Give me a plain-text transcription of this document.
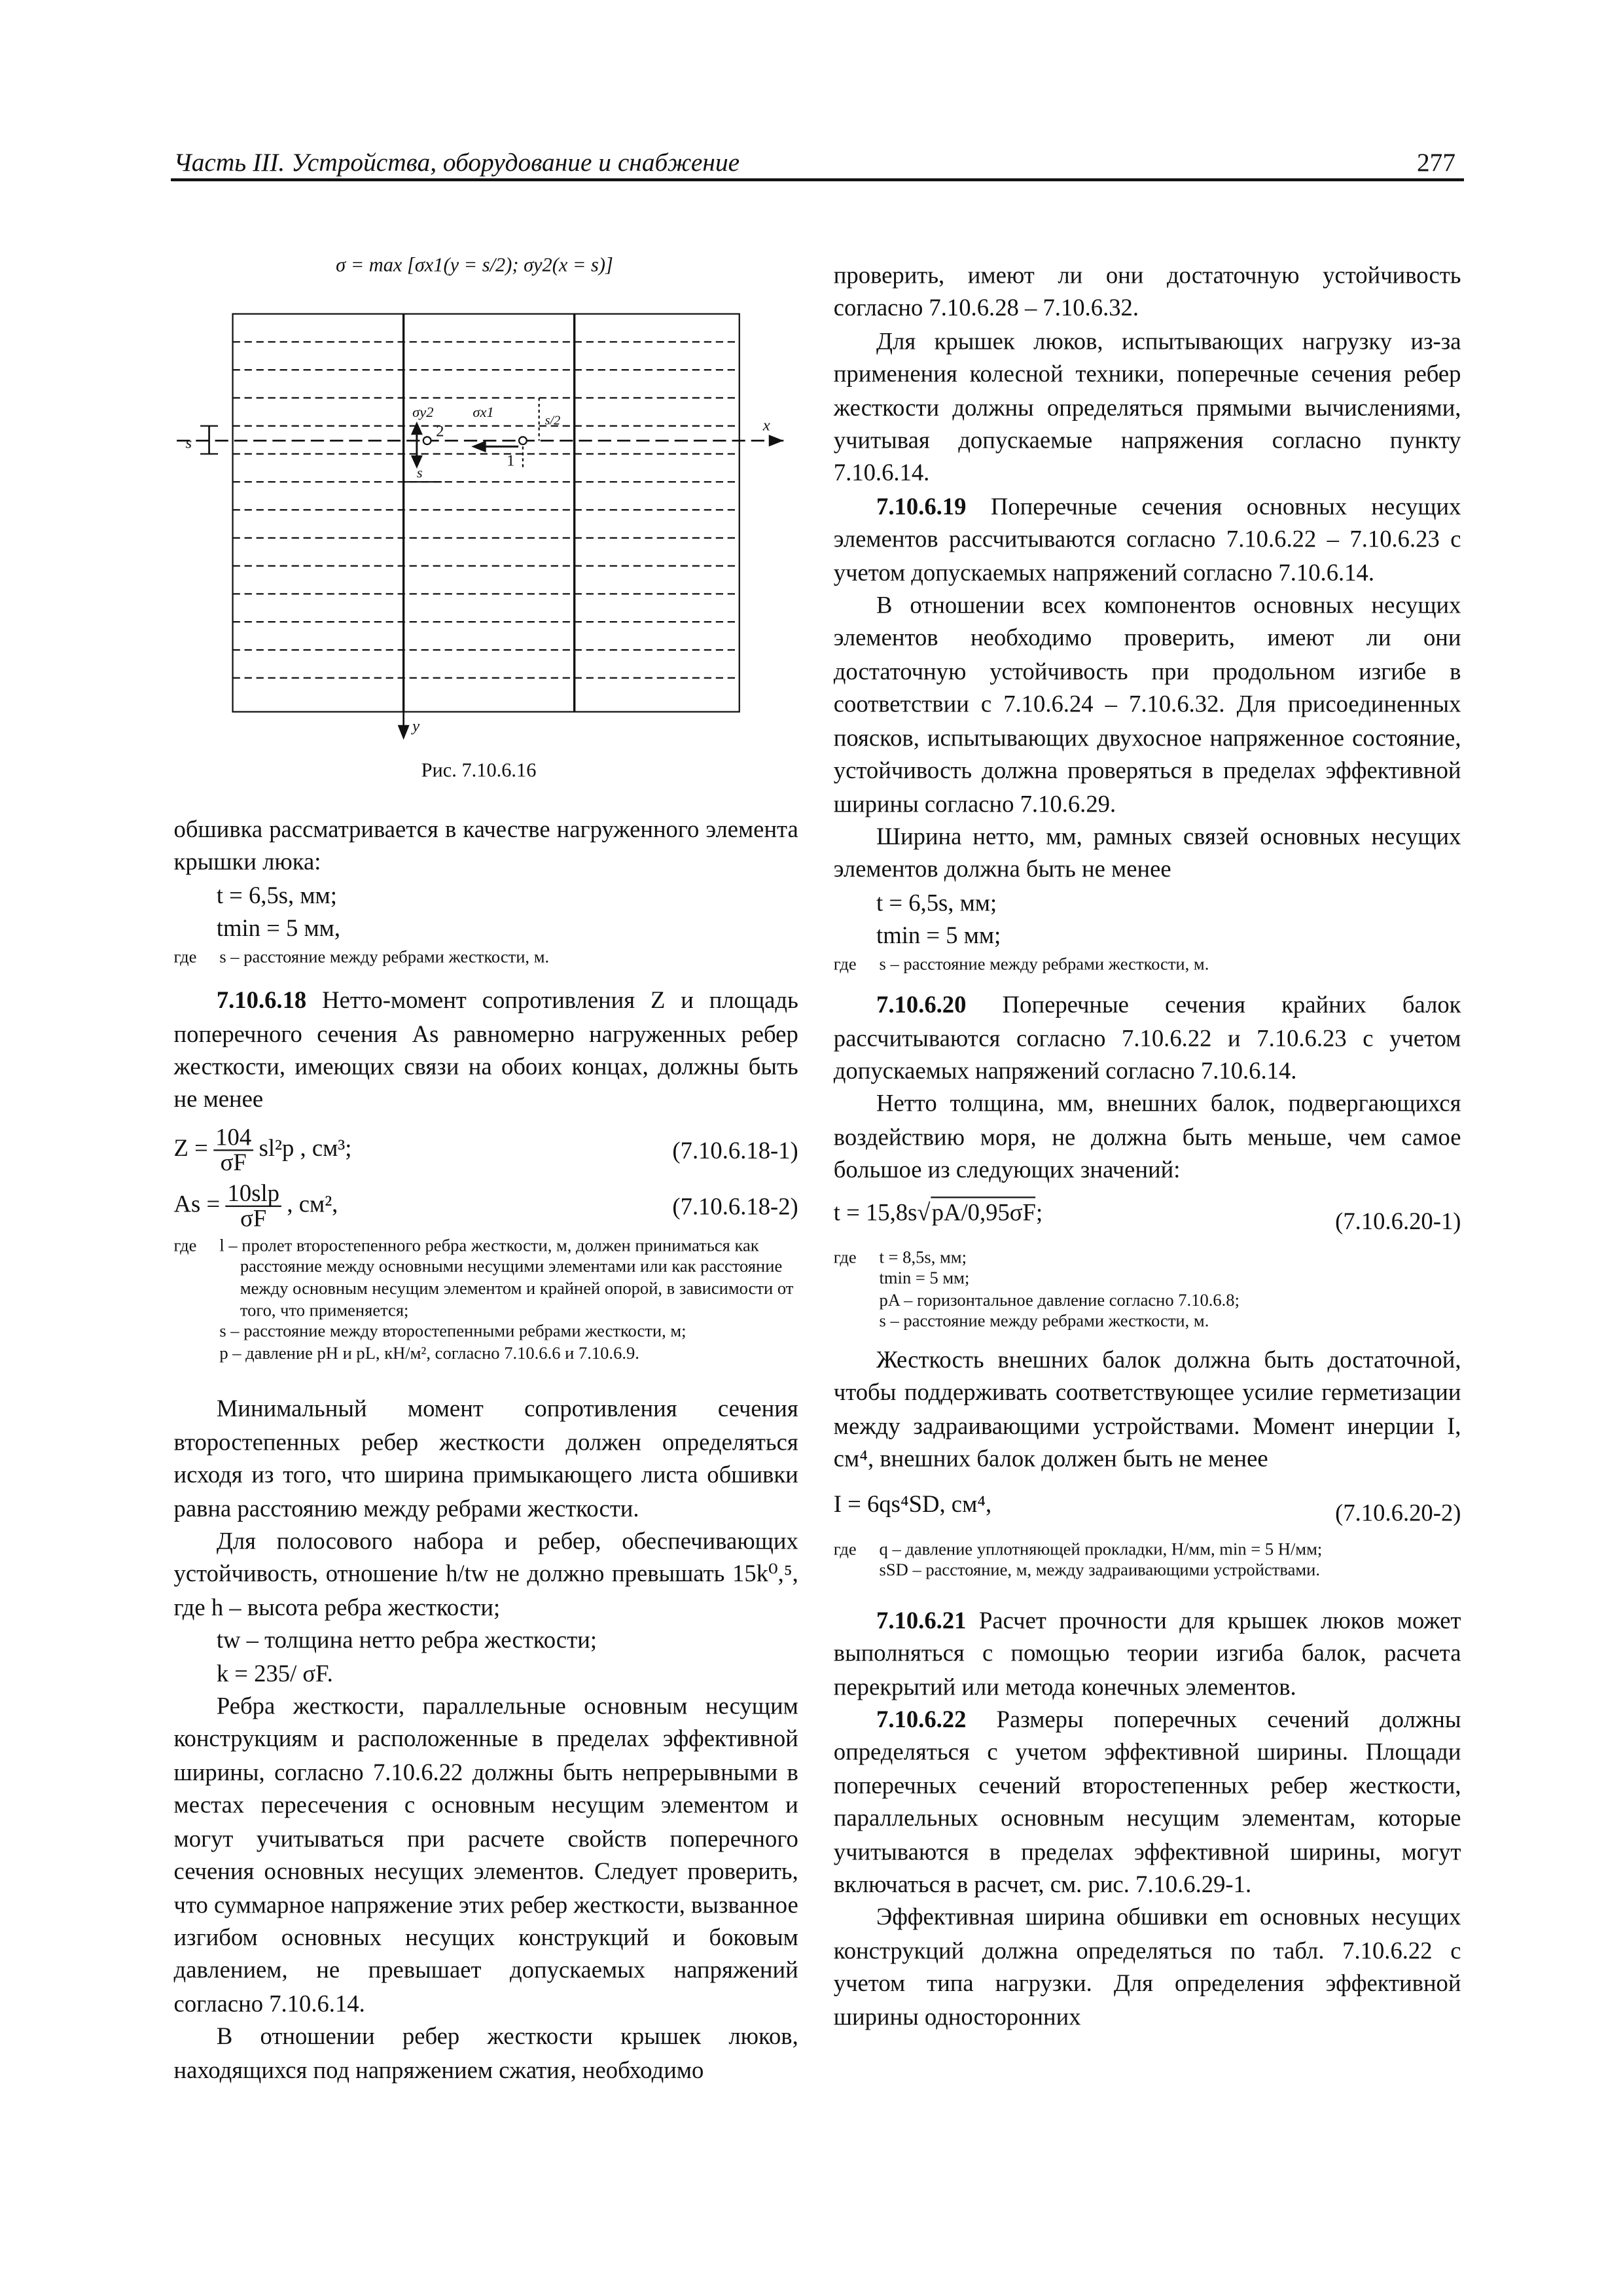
Часть III. Устройства, оборудование и снабжение	277
σ = max [σx1(y = s/2); σy2(x = s)]
s
x
y
σy2	σx1
s/2
2
1
s
Рис. 7.10.6.16

обшивка рассматривается в качестве нагруженного элемента крышки люка:

t = 6,5s, мм;

tmin = 5 мм,

где	s – расстояние между ребрами жесткости, м.

7.10.6.18 Нетто-момент сопротивления Z и площадь поперечного сечения As равномерно нагруженных ребер жесткости, имеющих связи на обоих концах, должны быть не менее

$Z = \frac{104}{\sigma F} sl^2p$ , см³;	(7.10.6.18-1)
$As = \frac{\text{10slp}}{\sigma F}$ , см²,	(7.10.6.18-2)
где	l – пролет второстепенного ребра жесткости, м, должен приниматься как расстояние между основными несущими элементами или как расстояние между основным несущим элементом и крайней опорой, в зависимости от того, что применяется;
s – расстояние между второстепенными ребрами жесткости, м;
p – давление pH и pL, кН/м², согласно 7.10.6.6 и 7.10.6.9.

Минимальный момент сопротивления сечения второстепенных ребер жесткости должен определяться исходя из того, что ширина примыкающего листа обшивки равна расстоянию между ребрами жесткости.

Для полосового набора и ребер, обеспечивающих устойчивость, отношение h/tw не должно превышать 15k⁰,⁵, где h – высота ребра жесткости;

tw – толщина нетто ребра жесткости;

k = 235/ σF.

Ребра жесткости, параллельные основным несущим конструкциям и расположенные в пределах эффективной ширины, согласно 7.10.6.22 должны быть непрерывными в местах пересечения с основным несущим элементом и могут учитываться при расчете свойств поперечного сечения основных несущих элементов. Следует проверить, что суммарное напряжение этих ребер жесткости, вызванное изгибом основных несущих конструкций и боковым давлением, не превышает допускаемых напряжений согласно 7.10.6.14.

В отношении ребер жесткости крышек люков, находящихся под напряжением сжатия, необходимо

проверить, имеют ли они достаточную устойчивость согласно 7.10.6.28 – 7.10.6.32.

Для крышек люков, испытывающих нагрузку из-за применения колесной техники, поперечные сечения ребер жесткости должны определяться прямыми вычислениями, учитывая допускаемые напряжения согласно пункту 7.10.6.14.

7.10.6.19 Поперечные сечения основных несущих элементов рассчитываются согласно 7.10.6.22 – 7.10.6.23 с учетом допускаемых напряжений согласно 7.10.6.14.

В отношении всех компонентов основных несущих элементов необходимо проверить, имеют ли они достаточную устойчивость при продольном изгибе в соответствии с 7.10.6.24 – 7.10.6.32. Для присоединенных поясков, испытывающих двухосное напряженное состояние, устойчивость должна проверяться в пределах эффективной ширины согласно 7.10.6.29.

Ширина нетто, мм, рамных связей основных несущих элементов должна быть не менее

t = 6,5s, мм;

tmin = 5 мм;

где	s – расстояние между ребрами жесткости, м.

7.10.6.20	Поперечные сечения крайних балок рассчитываются согласно 7.10.6.22 и 7.10.6.23 с учетом допускаемых напряжений согласно 7.10.6.14.

Нетто толщина, мм, внешних балок, подвергающихся воздействию моря, не должна быть меньше, чем самое большое из следующих значений:

t = 15,8s√ pA/0,95σF;	(7.10.6.20-1)
где	t = 8,5s, мм;
tmin = 5 мм;
pA – горизонтальное давление согласно 7.10.6.8;
s – расстояние между ребрами жесткости, м.

Жесткость внешних балок должна быть достаточной, чтобы поддерживать соответствующее усилие герметизации между задраивающими устройствами. Момент инерции I, см⁴, внешних балок должен быть не менее

I = 6qs⁴SD, см⁴,	(7.10.6.20-2)
где	q – давление уплотняющей прокладки, Н/мм, min = 5 Н/мм;
sSD – расстояние, м, между задраивающими устройствами.

7.10.6.21 Расчет прочности для крышек люков может выполняться с помощью теории изгиба балок, расчета перекрытий или метода конечных элементов.

7.10.6.22	Размеры поперечных сечений должны определяться с учетом эффективной ширины. Площади поперечных сечений второстепенных ребер жесткости, параллельных основным несущим элементам, которые учитываются в пределах эффективной ширины, могут включаться в расчет, см. рис. 7.10.6.29-1.

Эффективная ширина обшивки em основных несущих конструкций должна определяться по табл. 7.10.6.22 с учетом типа нагрузки. Для определения эффективной ширины односторонних
